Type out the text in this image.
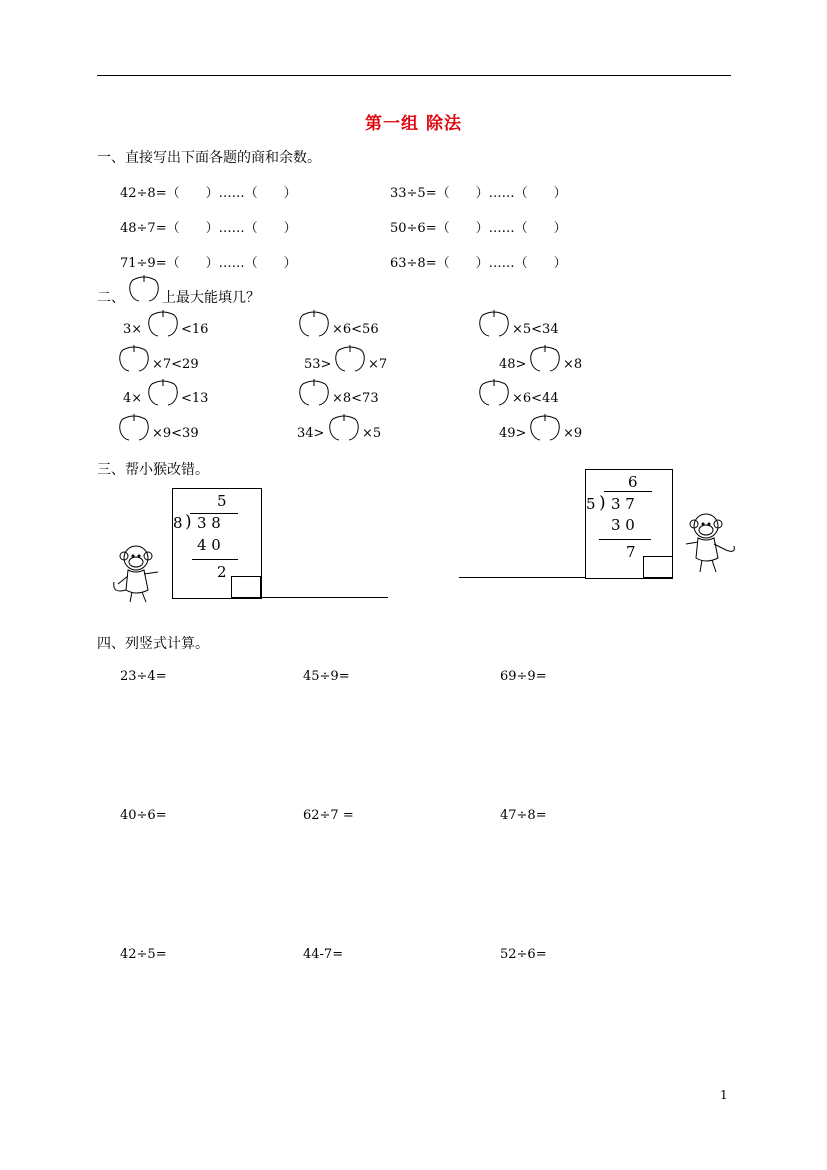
第一组 除法
一、直接写出下面各题的商和余数。
42÷8=（　　）……（　　）	33÷5=（　　）……（　　）
48÷7=（　　）……（　　）	50÷6=（　　）……（　　）
71÷9=（　　）……（　　）	63÷8=（　　）……（　　）
二、	上最大能填几？
3×	<16	×6<56	×5<34
×7<29	53>	×7	48>	×8
4×	<13	×8<73	×6<44
×9<39	34>	×5	49>	×9
三、帮小猴改错。
5
8 ) 3 8
4 0
2
6
5 ) 3 7
3 0
7
四、列竖式计算。
23÷4=	45÷9=	69÷9=
40÷6=	62÷7 =	47÷8=
42÷5=	44-7=	52÷6=
1
